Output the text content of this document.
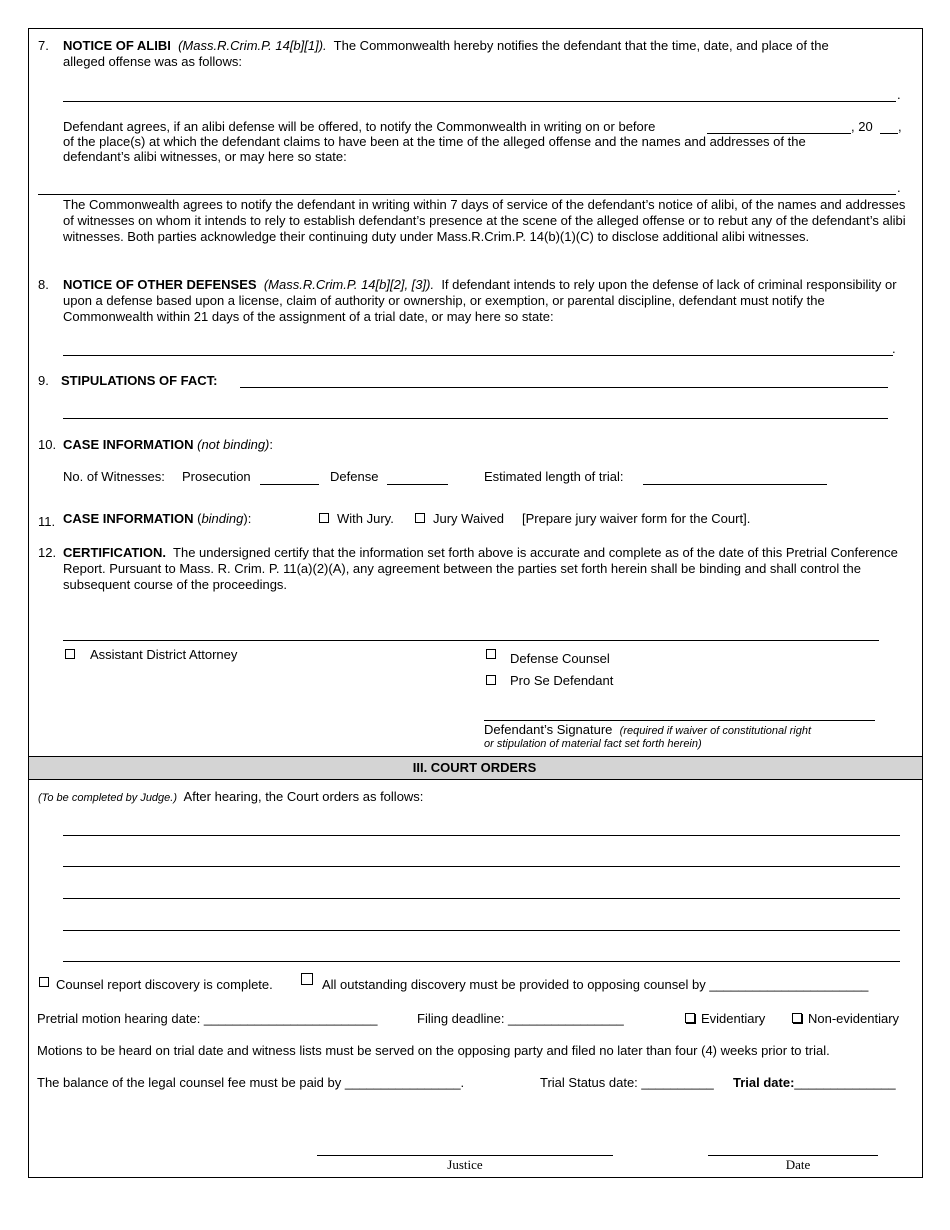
7. NOTICE OF ALIBI (Mass.R.Crim.P. 14[b][1]). The Commonwealth hereby notifies the defendant that the time, date, and place of the
alleged offense was as follows:
.
Defendant agrees, if an alibi defense will be offered, to notify the Commonwealth in writing on or before	, 20 ,
of the place(s) at which the defendant claims to have been at the time of the alleged offense and the names and addresses of the
defendant’s alibi witnesses, or may here so state:
.
The Commonwealth agrees to notify the defendant in writing within 7 days of service of the defendant’s notice of alibi, of the names and addresses of witnesses on whom it intends to rely to establish defendant’s presence at the scene of the alleged offense or to rebut any of the defendant’s alibi witnesses. Both parties acknowledge their continuing duty under Mass.R.Crim.P. 14(b)(1)(C) to disclose additional alibi witnesses.
8. NOTICE OF OTHER DEFENSES (Mass.R.Crim.P. 14[b][2], [3]). If defendant intends to rely upon the defense of lack of criminal responsibility or upon a defense based upon a license, claim of authority or ownership, or exemption, or parental discipline, defendant must notify the Commonwealth within 21 days of the assignment of a trial date, or may here so state:
.
9. STIPULATIONS OF FACT:
10. CASE INFORMATION (not binding):
No. of Witnesses: Prosecution	Defense	Estimated length of trial:
11. CASE INFORMATION (binding):	With Jury.	Jury Waived [Prepare jury waiver form for the Court].
12. CERTIFICATION. The undersigned certify that the information set forth above is accurate and complete as of the date of this Pretrial Conference Report. Pursuant to Mass. R. Crim. P. 11(a)(2)(A), any agreement between the parties set forth herein shall be binding and shall control the subsequent course of the proceedings.
Assistant District Attorney	Defense Counsel
Pro Se Defendant
Defendant’s Signature (required if waiver of constitutional right
or stipulation of material fact set forth herein)
III. COURT ORDERS
(To be completed by Judge.) After hearing, the Court orders as follows:
Counsel report discovery is complete.	All outstanding discovery must be provided to opposing counsel by ______________________
Pretrial motion hearing date: ________________________	Filing deadline: ________________	Evidentiary	Non-evidentiary
Motions to be heard on trial date and witness lists must be served on the opposing party and filed no later than four (4) weeks prior to trial.
The balance of the legal counsel fee must be paid by ________________.	Trial Status date: __________ Trial date:______________
Justice	Date
